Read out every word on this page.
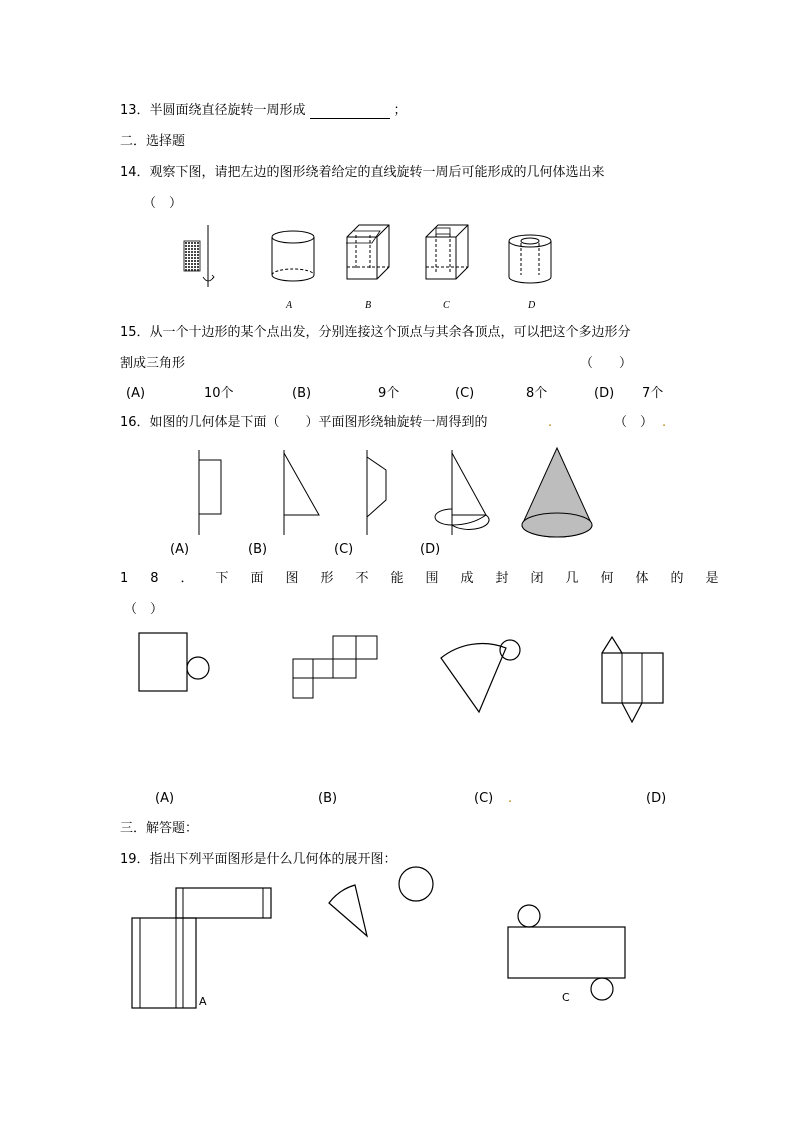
13．半圆面绕直径旋转一周形成	；
二．选择题
14．观察下图，请把左边的图形绕着给定的直线旋转一周后可能形成的几何体选出来
（　）
A	B	C	D
15．从一个十边形的某个点出发，分别连接这个顶点与其余各顶点，可以把这个多边形分
割成三角形	（　　）
(A)	10个	(B)	9个	(C)	8个	(D) 7个
16．如图的几何体是下面（　　）平面图形绕轴旋转一周得到的	.	（　） .
(A)	(B)	(C)	(D)
18．下面图形不能围成封闭几何体的是
（　）
(A)	(B)	(C) .	(D)
三．解答题：
19．指出下列平面图形是什么几何体的展开图：
A	C
